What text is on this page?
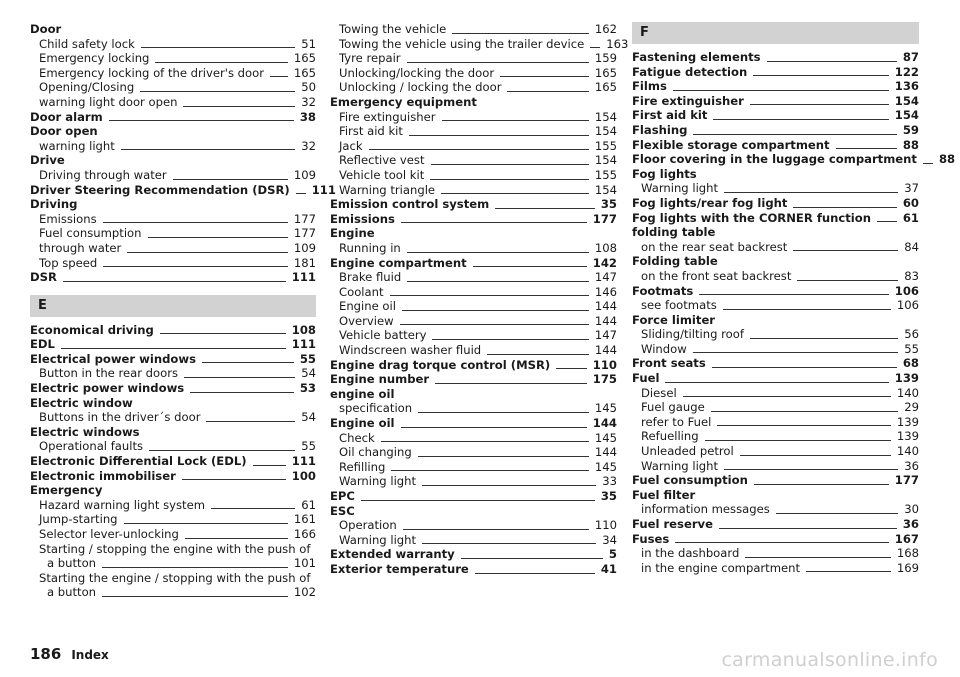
Door
Child safety lock	51
Emergency locking	165
Emergency locking of the driver's door	165
Opening/Closing	50
warning light door open	32
Door alarm	38
Door open
warning light	32
Drive
Driving through water	109
Driver Steering Recommendation (DSR) 111
Driving
Emissions	177
Fuel consumption	177
through water	109
Top speed	181
DSR	111
E
Economical driving	108
EDL	111
Electrical power windows	55
Button in the rear doors	54
Electric power windows	53
Electric window
Buttons in the driver´s door	54
Electric windows
Operational faults	55
Electronic Differential Lock (EDL)	111
Electronic immobiliser	100
Emergency
Hazard warning light system	61
Jump-starting	161
Selector lever-unlocking	166
Starting / stopping the engine with the push of
a button	101
Starting the engine / stopping with the push of
a button	102
Towing the vehicle	162
Towing the vehicle using the trailer device 163
Tyre repair	159
Unlocking/locking the door	165
Unlocking / locking the door	165
Emergency equipment
Fire extinguisher	154
First aid kit	154
Jack	155
Reflective vest	154
Vehicle tool kit	155
Warning triangle	154
Emission control system	35
Emissions	177
Engine
Running in	108
Engine compartment	142
Brake fluid	147
Coolant	146
Engine oil	144
Overview	144
Vehicle battery	147
Windscreen washer fluid	144
Engine drag torque control (MSR)	110
Engine number	175
engine oil
specification	145
Engine oil	144
Check	145
Oil changing	144
Refilling	145
Warning light	33
EPC	35
ESC
Operation	110
Warning light	34
Extended warranty	5
Exterior temperature	41
F
Fastening elements	87
Fatigue detection	122
Films	136
Fire extinguisher	154
First aid kit	154
Flashing	59
Flexible storage compartment	88
Floor covering in the luggage compartment 88
Fog lights
Warning light	37
Fog lights/rear fog light	60
Fog lights with the CORNER function	61
folding table
on the rear seat backrest	84
Folding table
on the front seat backrest	83
Footmats	106
see footmats	106
Force limiter
Sliding/tilting roof	56
Window	55
Front seats	68
Fuel	139
Diesel	140
Fuel gauge	29
refer to Fuel	139
Refuelling	139
Unleaded petrol	140
Warning light	36
Fuel consumption	177
Fuel filter
information messages	30
Fuel reserve	36
Fuses	167
in the dashboard	168
in the engine compartment	169
186 Index	carmanualsonline.info
